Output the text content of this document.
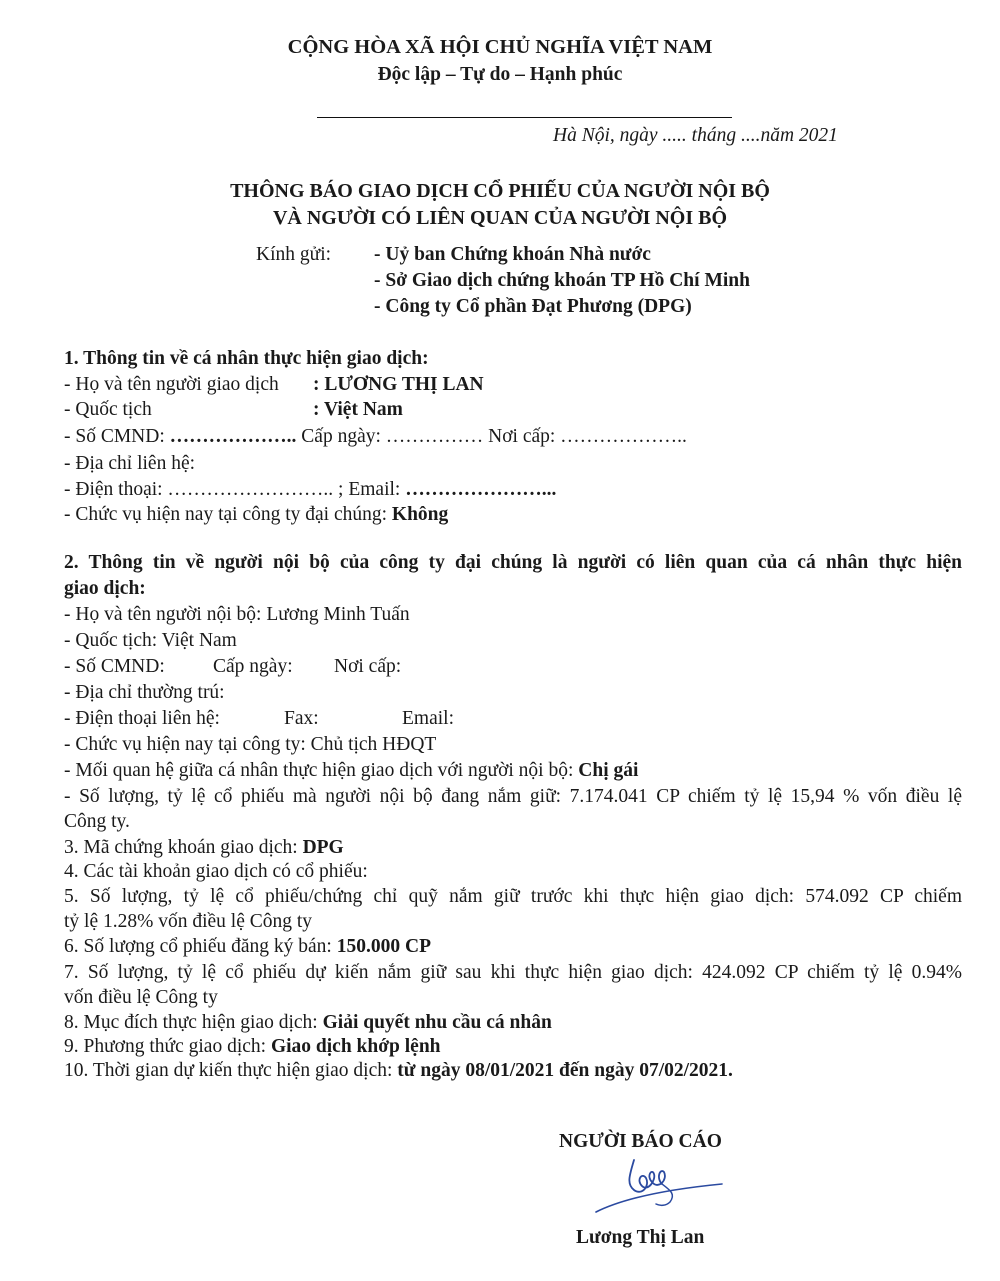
CỘNG HÒA XÃ HỘI CHỦ NGHĨA VIỆT NAM
Độc lập – Tự do – Hạnh phúc
Hà Nội, ngày ..... tháng ....năm 2021
THÔNG BÁO GIAO DỊCH CỔ PHIẾU CỦA NGƯỜI NỘI BỘ
VÀ NGƯỜI CÓ LIÊN QUAN CỦA NGƯỜI NỘI BỘ
Kính gửi: - Uỷ ban Chứng khoán Nhà nước
- Sở Giao dịch chứng khoán TP Hồ Chí Minh
- Công ty Cổ phần Đạt Phương (DPG)
1. Thông tin về cá nhân thực hiện giao dịch:
- Họ và tên người giao dịch : LƯƠNG THỊ LAN
- Quốc tịch	: Việt Nam
- Số CMND: ……………….. Cấp ngày: …………… Nơi cấp: ………………..
- Địa chỉ liên hệ:
- Điện thoại: …………………….. ; Email: …………………...
- Chức vụ hiện nay tại công ty đại chúng: Không
2. Thông tin về người nội bộ của công ty đại chúng là người có liên quan của cá nhân thực hiện
giao dịch:
- Họ và tên người nội bộ: Lương Minh Tuấn
- Quốc tịch: Việt Nam
- Số CMND: Cấp ngày: Nơi cấp:
- Địa chỉ thường trú:
- Điện thoại liên hệ:	Fax:	Email:
- Chức vụ hiện nay tại công ty: Chủ tịch HĐQT
- Mối quan hệ giữa cá nhân thực hiện giao dịch với người nội bộ: Chị gái
- Số lượng, tỷ lệ cổ phiếu mà người nội bộ đang nắm giữ: 7.174.041 CP chiếm tỷ lệ 15,94 % vốn điều lệ
Công ty.
3. Mã chứng khoán giao dịch: DPG
4. Các tài khoản giao dịch có cổ phiếu:
5. Số lượng, tỷ lệ cổ phiếu/chứng chỉ quỹ nắm giữ trước khi thực hiện giao dịch: 574.092 CP chiếm
tỷ lệ 1.28% vốn điều lệ Công ty
6. Số lượng cổ phiếu đăng ký bán: 150.000 CP
7. Số lượng, tỷ lệ cổ phiếu dự kiến nắm giữ sau khi thực hiện giao dịch: 424.092 CP chiếm tỷ lệ 0.94%
vốn điều lệ Công ty
8. Mục đích thực hiện giao dịch: Giải quyết nhu cầu cá nhân
9. Phương thức giao dịch: Giao dịch khớp lệnh
10. Thời gian dự kiến thực hiện giao dịch: từ ngày 08/01/2021 đến ngày 07/02/2021.
NGƯỜI BÁO CÁO
Lương Thị Lan
